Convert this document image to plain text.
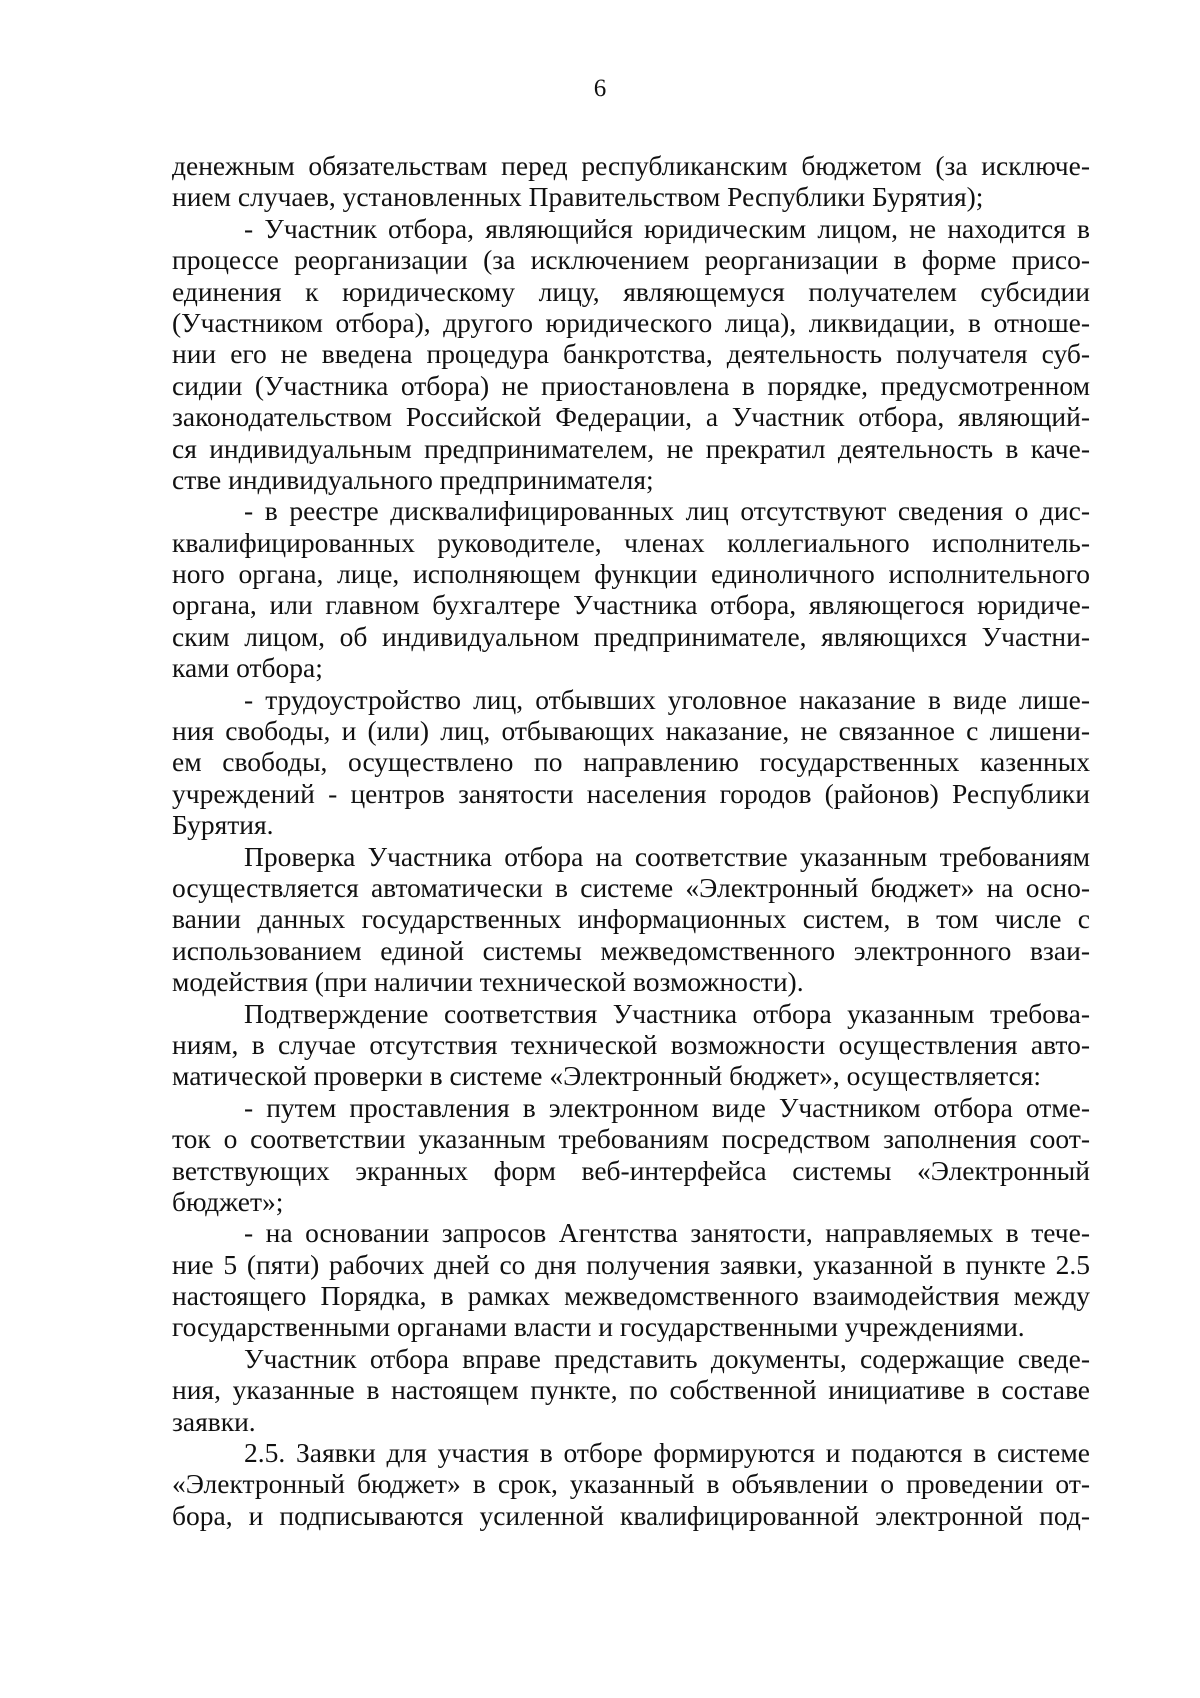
6
денежным обязательствам перед республиканским бюджетом (за исключе-
нием случаев, установленных Правительством Республики Бурятия);
- Участник отбора, являющийся юридическим лицом, не находится в
процессе реорганизации (за исключением реорганизации в форме присо-
единения к юридическому лицу, являющемуся получателем субсидии
(Участником отбора), другого юридического лица), ликвидации, в отноше-
нии его не введена процедура банкротства, деятельность получателя суб-
сидии (Участника отбора) не приостановлена в порядке, предусмотренном
законодательством Российской Федерации, а Участник отбора, являющий-
ся индивидуальным предпринимателем, не прекратил деятельность в каче-
стве индивидуального предпринимателя;
- в реестре дисквалифицированных лиц отсутствуют сведения о дис-
квалифицированных руководителе, членах коллегиального исполнитель-
ного органа, лице, исполняющем функции единоличного исполнительного
органа, или главном бухгалтере Участника отбора, являющегося юридиче-
ским лицом, об индивидуальном предпринимателе, являющихся Участни-
ками отбора;
- трудоустройство лиц, отбывших уголовное наказание в виде лише-
ния свободы, и (или) лиц, отбывающих наказание, не связанное с лишени-
ем свободы, осуществлено по направлению государственных казенных
учреждений - центров занятости населения городов (районов) Республики
Бурятия.
Проверка Участника отбора на соответствие указанным требованиям
осуществляется автоматически в системе «Электронный бюджет» на осно-
вании данных государственных информационных систем, в том числе с
использованием единой системы межведомственного электронного взаи-
модействия (при наличии технической возможности).
Подтверждение соответствия Участника отбора указанным требова-
ниям, в случае отсутствия технической возможности осуществления авто-
матической проверки в системе «Электронный бюджет», осуществляется:
- путем проставления в электронном виде Участником отбора отме-
ток о соответствии указанным требованиям посредством заполнения соот-
ветствующих экранных форм веб-интерфейса системы «Электронный
бюджет»;
- на основании запросов Агентства занятости, направляемых в тече-
ние 5 (пяти) рабочих дней со дня получения заявки, указанной в пункте 2.5
настоящего Порядка, в рамках межведомственного взаимодействия между
государственными органами власти и государственными учреждениями.
Участник отбора вправе представить документы, содержащие сведе-
ния, указанные в настоящем пункте, по собственной инициативе в составе
заявки.
2.5. Заявки для участия в отборе формируются и подаются в системе
«Электронный бюджет» в срок, указанный в объявлении о проведении от-
бора, и подписываются усиленной квалифицированной электронной под-
